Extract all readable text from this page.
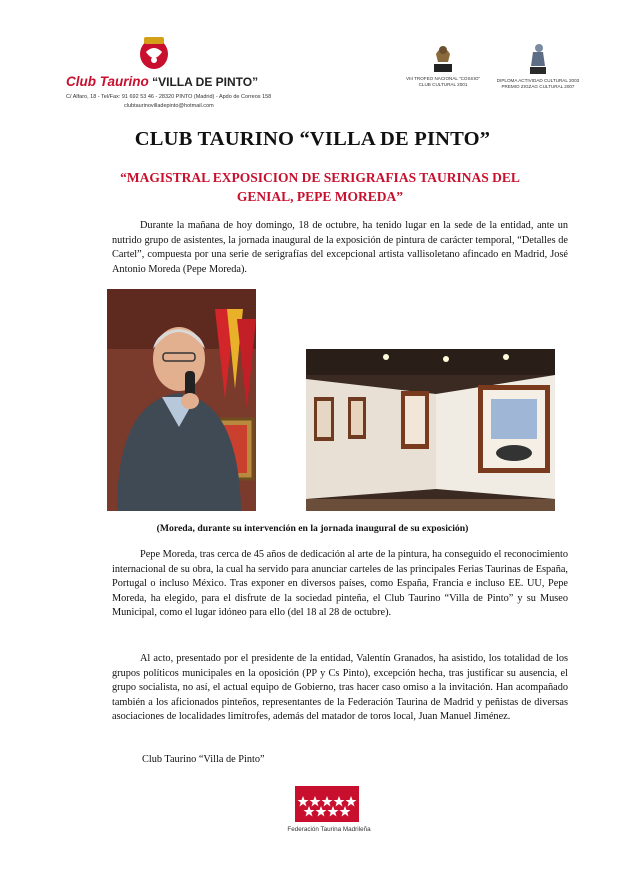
Club Taurino “VILLA DE PINTO”
C/ Alfaro, 18 - Tel/Fax: 91 692 53 46 - 28320 PINTO (Madrid) - Apdo de Correos 158
clubtaurinovilladepinto@hotmail.com
VIII TROFEO NACIONAL “COSSIO”
CLUB CULTURAL 2001
DIPLOMA ACTIVIDAD CULTURAL 2003
PREMIO ZIGZAG CULTURAL 2007
CLUB TAURINO “VILLA DE PINTO”
“MAGISTRAL EXPOSICION DE SERIGRAFIAS TAURINAS DEL GENIAL, PEPE MOREDA”
Durante la mañana de hoy domingo, 18 de octubre, ha tenido lugar en la sede de la entidad, ante un nutrido grupo de asistentes, la jornada inaugural de la exposición de pintura de carácter temporal, “Detalles de Cartel”, compuesta por una serie de serigrafías del excepcional artista vallisoletano afincado en Madrid, José Antonio Moreda (Pepe Moreda).
(Moreda, durante su intervención en la jornada inaugural de su exposición)
Pepe Moreda, tras cerca de 45 años de dedicación al arte de la pintura, ha conseguido el reconocimiento internacional de su obra, la cual ha servido para anunciar carteles de las principales Ferias Taurinas de España, Portugal o incluso México. Tras exponer en diversos países, como España, Francia e incluso EE. UU, Pepe Moreda, ha elegido, para el disfrute de la sociedad pinteña, el Club Taurino “Villa de Pinto” y su Museo Municipal, como el lugar idóneo para ello (del 18 al 28 de octubre).
Al acto, presentado por el presidente de la entidad, Valentín Granados, ha asistido, los totalidad de los grupos políticos municipales en la oposición (PP y Cs Pinto), excepción hecha, tras justificar su ausencia, el grupo socialista, no así, el actual equipo de Gobierno, tras hacer caso omiso a la invitación. Han acompañado también a los aficionados pinteños, representantes de la Federación Taurina de Madrid y peñistas de diversas asociaciones de localidades limítrofes, además del matador de toros local, Juan Manuel Jiménez.
Club Taurino “Villa de Pinto”
Federación Taurina Madrileña
